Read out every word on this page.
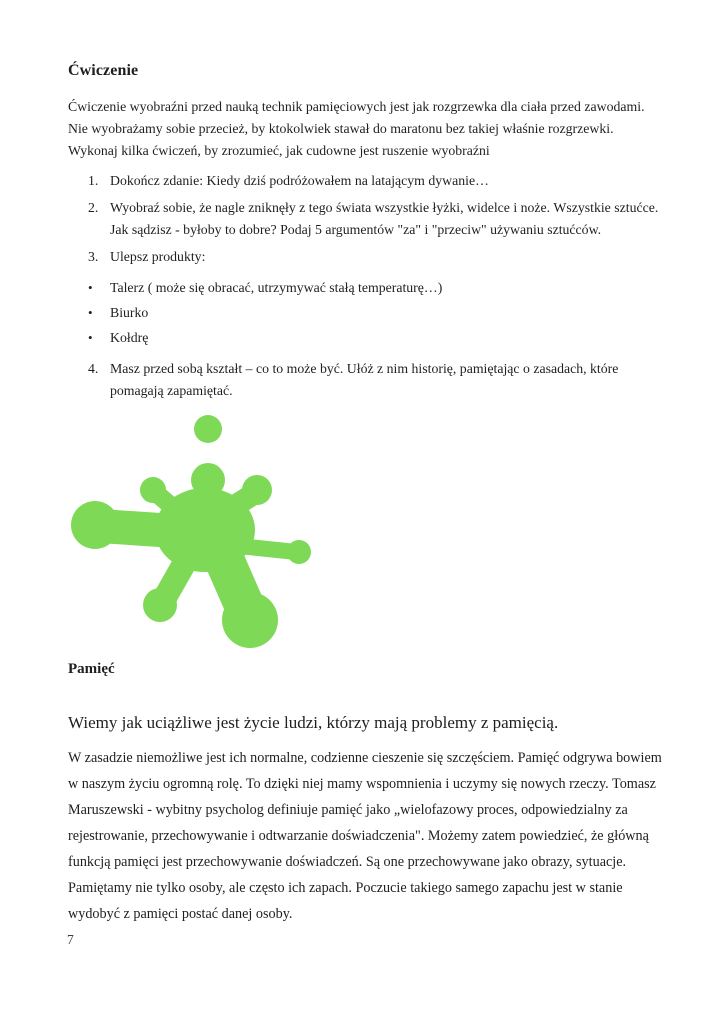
Ćwiczenie

Ćwiczenie wyobraźni przed nauką technik pamięciowych jest jak rozgrzewka dla ciała przed zawodami. Nie wyobrażamy sobie przecież, by ktokolwiek stawał do maratonu bez takiej właśnie rozgrzewki. Wykonaj kilka ćwiczeń, by zrozumieć, jak cudowne jest ruszenie wyobraźni

1. Dokończ zdanie: Kiedy dziś podróżowałem na latającym dywanie…
2. Wyobraź sobie, że nagle zniknęły z tego świata wszystkie łyżki, widelce i noże. Wszystkie sztućce. Jak sądzisz - byłoby to dobre? Podaj 5 argumentów "za" i "przeciw" używaniu sztućców.
3. Ulepsz produkty:
•	Talerz ( może się obracać, utrzymywać stałą temperaturę…)
•	Biurko
•	Kołdrę
4. Masz przed sobą kształt – co to może być. Ułóż z nim historię, pamiętając o zasadach, które pomagają zapamiętać.
Pamięć

Wiemy jak uciążliwe jest życie ludzi, którzy mają problemy z pamięcią.

W zasadzie niemożliwe jest ich normalne, codzienne cieszenie się szczęściem. Pamięć odgrywa bowiem w naszym życiu ogromną rolę. To dzięki niej mamy wspomnienia i uczymy się nowych rzeczy. Tomasz Maruszewski - wybitny psycholog definiuje pamięć jako „wielofazowy proces, odpowiedzialny za rejestrowanie, przechowywanie i odtwarzanie doświadczenia". Możemy zatem powiedzieć, że główną funkcją pamięci jest przechowywanie doświadczeń. Są one przechowywane jako obrazy, sytuacje. Pamiętamy nie tylko osoby, ale często ich zapach. Poczucie takiego samego zapachu jest w stanie wydobyć z pamięci postać danej osoby.

7
